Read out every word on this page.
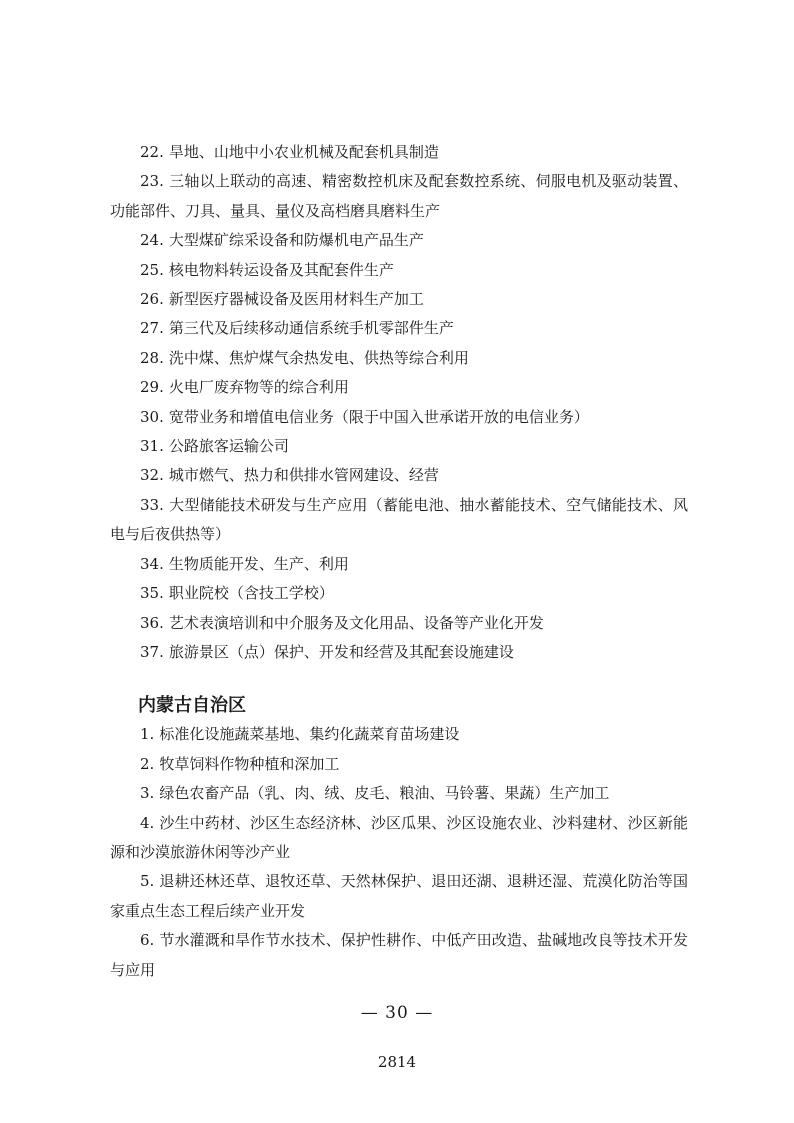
22. 旱地、山地中小农业机械及配套机具制造

23. 三轴以上联动的高速、精密数控机床及配套数控系统、伺服电机及驱动装置、功能部件、刀具、量具、量仪及高档磨具磨料生产

24. 大型煤矿综采设备和防爆机电产品生产

25. 核电物料转运设备及其配套件生产

26. 新型医疗器械设备及医用材料生产加工

27. 第三代及后续移动通信系统手机零部件生产

28. 洗中煤、焦炉煤气余热发电、供热等综合利用

29. 火电厂废弃物等的综合利用

30. 宽带业务和增值电信业务（限于中国入世承诺开放的电信业务）

31. 公路旅客运输公司

32. 城市燃气、热力和供排水管网建设、经营

33. 大型储能技术研发与生产应用（蓄能电池、抽水蓄能技术、空气储能技术、风电与后夜供热等）

34. 生物质能开发、生产、利用

35. 职业院校（含技工学校）

36. 艺术表演培训和中介服务及文化用品、设备等产业化开发

37. 旅游景区（点）保护、开发和经营及其配套设施建设

内蒙古自治区

1. 标准化设施蔬菜基地、集约化蔬菜育苗场建设

2. 牧草饲料作物种植和深加工

3. 绿色农畜产品（乳、肉、绒、皮毛、粮油、马铃薯、果蔬）生产加工

4. 沙生中药材、沙区生态经济林、沙区瓜果、沙区设施农业、沙料建材、沙区新能源和沙漠旅游休闲等沙产业

5. 退耕还林还草、退牧还草、天然林保护、退田还湖、退耕还湿、荒漠化防治等国家重点生态工程后续产业开发

6. 节水灌溉和旱作节水技术、保护性耕作、中低产田改造、盐碱地改良等技术开发与应用

— 30 —
2814
